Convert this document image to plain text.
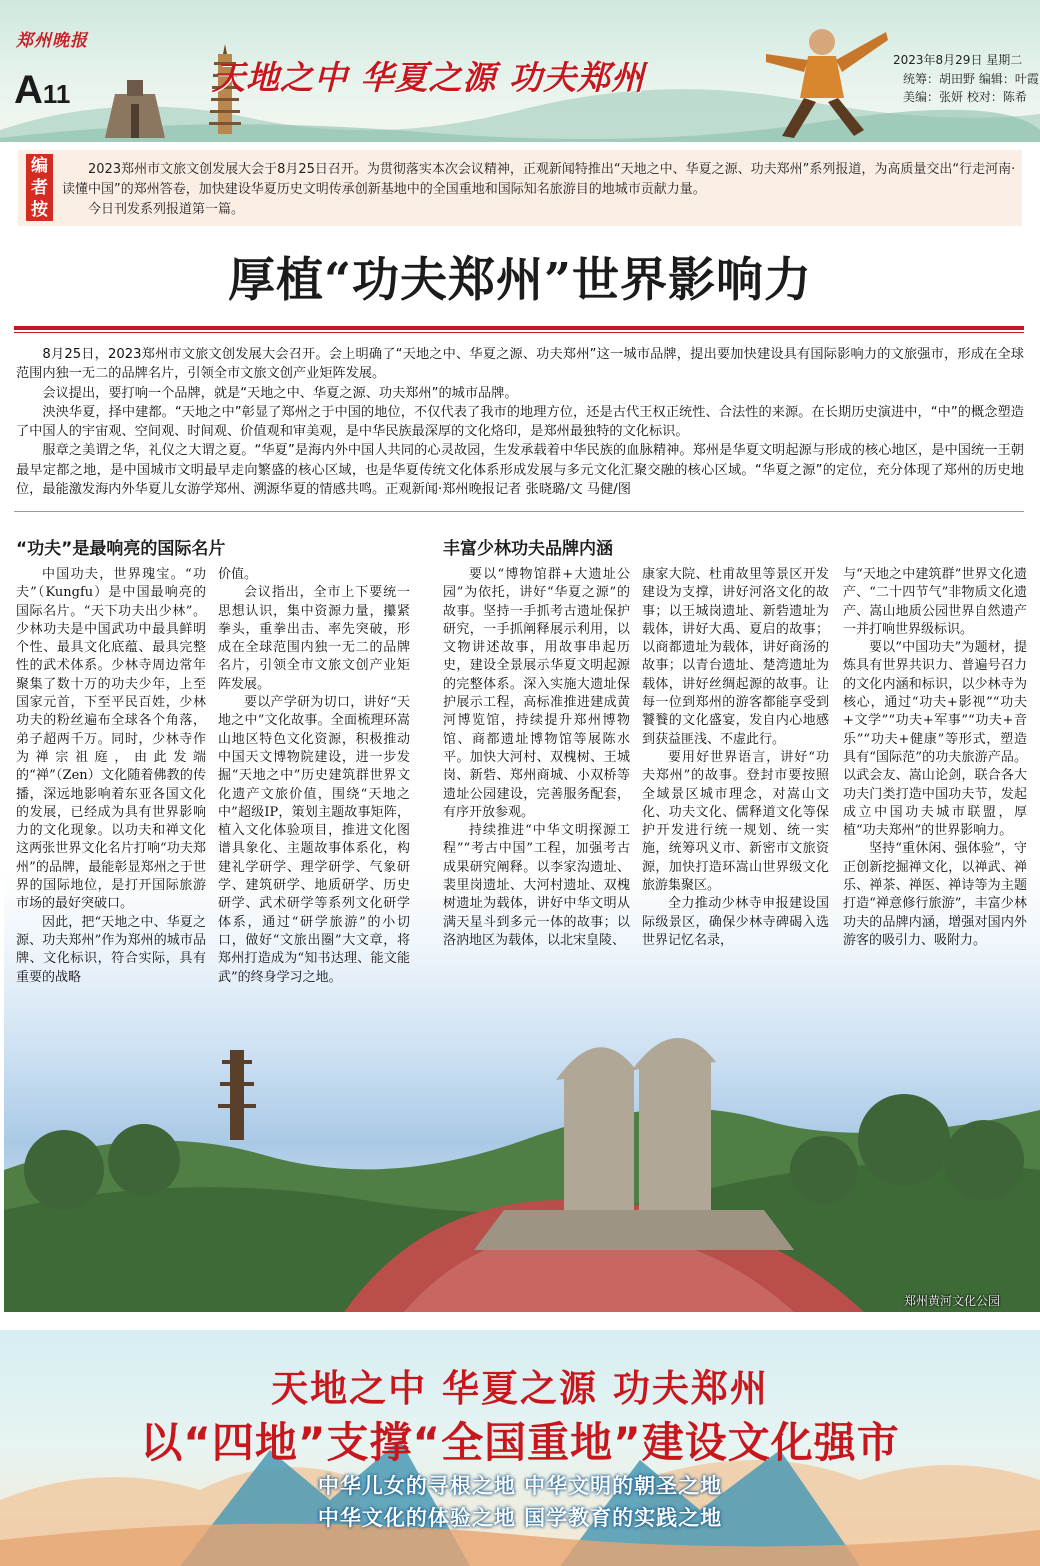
郑州晚报
A11	天地之中 华夏之源 功夫郑州	2023年8月29日 星期二
统筹：胡田野 编辑：叶霞
美编：张妍 校对：陈希
编者按

2023郑州市文旅文创发展大会于8月25日召开。为贯彻落实本次会议精神，正观新闻特推出“天地之中、华夏之源、功夫郑州”系列报道，为高质量交出“行走河南·读懂中国”的郑州答卷，加快建设华夏历史文明传承创新基地中的全国重地和国际知名旅游目的地城市贡献力量。

今日刊发系列报道第一篇。

厚植“功夫郑州”世界影响力

8月25日，2023郑州市文旅文创发展大会召开。会上明确了“天地之中、华夏之源、功夫郑州”这一城市品牌，提出要加快建设具有国际影响力的文旅强市，形成在全球范围内独一无二的品牌名片，引领全市文旅文创产业矩阵发展。

会议提出，要打响一个品牌，就是“天地之中、华夏之源、功夫郑州”的城市品牌。

泱泱华夏，择中建都。“天地之中”彰显了郑州之于中国的地位，不仅代表了我市的地理方位，还是古代王权正统性、合法性的来源。在长期历史演进中，“中”的概念塑造了中国人的宇宙观、空间观、时间观、价值观和审美观，是中华民族最深厚的文化烙印，是郑州最独特的文化标识。

服章之美谓之华，礼仪之大谓之夏。“华夏”是海内外中国人共同的心灵故园，生发承载着中华民族的血脉精神。郑州是华夏文明起源与形成的核心地区，是中国统一王朝最早定都之地，是中国城市文明最早走向繁盛的核心区域，也是华夏传统文化体系形成发展与多元文化汇聚交融的核心区域。“华夏之源”的定位，充分体现了郑州的历史地位，最能激发海内外华夏儿女游学郑州、溯源华夏的情感共鸣。正观新闻·郑州晚报记者 张晓璐/文 马健/图

郑州黄河文化公园
“功夫”是最响亮的国际名片	丰富少林功夫品牌内涵

中国功夫，世界瑰宝。“功夫”（Kungfu）是中国最响亮的国际名片。“天下功夫出少林”。少林功夫是中国武功中最具鲜明个性、最具文化底蕴、最具完整性的武术体系。少林寺周边常年聚集了数十万的功夫少年，上至国家元首，下至平民百姓，少林功夫的粉丝遍布全球各个角落，弟子超两千万。同时，少林寺作为禅宗祖庭，由此发端的“禅”（Zen）文化随着佛教的传播，深远地影响着东亚各国文化的发展，已经成为具有世界影响力的文化现象。以功夫和禅文化这两张世界文化名片打响“功夫郑州”的品牌，最能彰显郑州之于世界的国际地位，是打开国际旅游市场的最好突破口。

因此，把“天地之中、华夏之源、功夫郑州”作为郑州的城市品牌、文化标识，符合实际，具有重要的战略

价值。

会议指出，全市上下要统一思想认识，集中资源力量，攥紧拳头，重拳出击、率先突破，形成在全球范围内独一无二的品牌名片，引领全市文旅文创产业矩阵发展。

要以产学研为切口，讲好“天地之中”文化故事。全面梳理环嵩山地区特色文化资源，积极推动中国天文博物院建设，进一步发掘“天地之中”历史建筑群世界文化遗产文旅价值，围绕“天地之中”超级IP，策划主题故事矩阵，植入文化体验项目，推进文化图谱具象化、主题故事体系化，构建礼学研学、理学研学、气象研学、建筑研学、地质研学、历史研学、武术研学等系列文化研学体系，通过“研学旅游”的小切口，做好“文旅出圈”大文章，将郑州打造成为“知书达理、能文能武”的终身学习之地。

要以“博物馆群+大遗址公园”为依托，讲好“华夏之源”的故事。坚持一手抓考古遗址保护研究，一手抓阐释展示利用，以文物讲述故事，用故事串起历史，建设全景展示华夏文明起源的完整体系。深入实施大遗址保护展示工程，高标准推进建成黄河博览馆，持续提升郑州博物馆、商都遗址博物馆等展陈水平。加快大河村、双槐树、王城岗、新砦、郑州商城、小双桥等遗址公园建设，完善服务配套，有序开放参观。

持续推进“中华文明探源工程”“考古中国”工程，加强考古成果研究阐释。以李家沟遗址、裴里岗遗址、大河村遗址、双槐树遗址为载体，讲好中华文明从满天星斗到多元一体的故事；以洛汭地区为载体，以北宋皇陵、

康家大院、杜甫故里等景区开发建设为支撑，讲好河洛文化的故事；以王城岗遗址、新砦遗址为载体，讲好大禹、夏启的故事；以商都遗址为载体，讲好商汤的故事；以青台遗址、楚湾遗址为载体，讲好丝绸起源的故事。让每一位到郑州的游客都能享受到饕餮的文化盛宴，发自内心地感到获益匪浅、不虚此行。

要用好世界语言，讲好“功夫郑州”的故事。登封市要按照全域景区城市理念，对嵩山文化、功夫文化、儒释道文化等保护开发进行统一规划、统一实施，统筹巩义市、新密市文旅资源，加快打造环嵩山世界级文化旅游集聚区。

全力推动少林寺申报建设国际级景区，确保少林寺碑碣入选世界记忆名录，

与“天地之中建筑群”世界文化遗产、“二十四节气”非物质文化遗产、嵩山地质公园世界自然遗产一并打响世界级标识。

要以“中国功夫”为题材，提炼具有世界共识力、普遍号召力的文化内涵和标识，以少林寺为核心，通过“功夫+影视”“功夫+文学”“功夫+军事”“功夫+音乐”“功夫+健康”等形式，塑造具有“国际范”的功夫旅游产品。以武会友、嵩山论剑，联合各大功夫门类打造中国功夫节，发起成立中国功夫城市联盟，厚植“功夫郑州”的世界影响力。

坚持“重休闲、强体验”，守正创新挖掘禅文化，以禅武、禅乐、禅茶、禅医、禅诗等为主题打造“禅意修行旅游”，丰富少林功夫的品牌内涵，增强对国内外游客的吸引力、吸附力。

天地之中 华夏之源 功夫郑州
以“四地”支撑“全国重地”建设文化强市
中华儿女的寻根之地 中华文明的朝圣之地
中华文化的体验之地 国学教育的实践之地
